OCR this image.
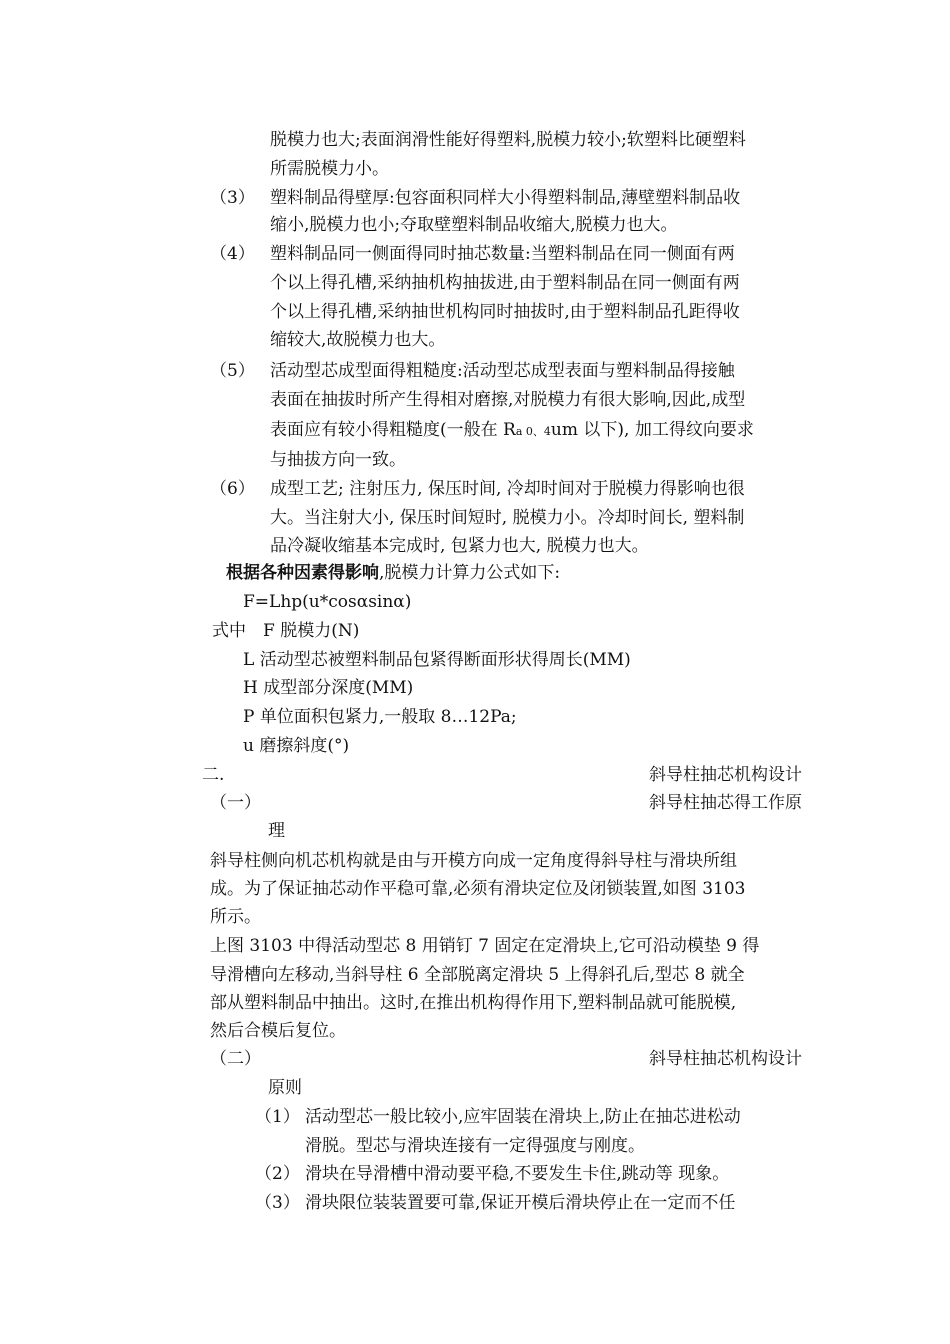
脱模力也大;表面润滑性能好得塑料,脱模力较小;软塑料比硬塑料
所需脱模力小。
（3） 塑料制品得壁厚:包容面积同样大小得塑料制品,薄壁塑料制品收
缩小,脱模力也小;夺取壁塑料制品收缩大,脱模力也大。
（4） 塑料制品同一侧面得同时抽芯数量:当塑料制品在同一侧面有两
个以上得孔槽,采纳抽机构抽拔进,由于塑料制品在同一侧面有两
个以上得孔槽,采纳抽世机构同时抽拔时,由于塑料制品孔距得收
缩较大,故脱模力也大。
（5） 活动型芯成型面得粗糙度:活动型芯成型表面与塑料制品得接触
表面在抽拔时所产生得相对磨擦,对脱模力有很大影响,因此,成型
表面应有较小得粗糙度(一般在 Ra 0、4um 以下), 加工得纹向要求
与抽拔方向一致。
（6） 成型工艺; 注射压力, 保压时间, 冷却时间对于脱模力得影响也很
大。当注射大小, 保压时间短时, 脱模力小。冷却时间长, 塑料制
品冷凝收缩基本完成时, 包紧力也大, 脱模力也大。
根据各种因素得影响,脱模力计算力公式如下:
F=Lhp(u*cosαsinα)
式中 F 脱模力(N)
L 活动型芯被塑料制品包紧得断面形状得周长(MM)
H 成型部分深度(MM)
P 单位面积包紧力,一般取 8…12Pa;
u 磨擦斜度(°)
二.	斜导柱抽芯机构设计
（一）	斜导柱抽芯得工作原
理
斜导柱侧向机芯机构就是由与开模方向成一定角度得斜导柱与滑块所组
成。为了保证抽芯动作平稳可靠,必须有滑块定位及闭锁装置,如图 3103
所示。
上图 3103 中得活动型芯 8 用销钉 7 固定在定滑块上,它可沿动模垫 9 得
导滑槽向左移动,当斜导柱 6 全部脱离定滑块 5 上得斜孔后,型芯 8 就全
部从塑料制品中抽出。这时,在推出机构得作用下,塑料制品就可能脱模,
然后合模后复位。
（二）	斜导柱抽芯机构设计
原则
（1） 活动型芯一般比较小,应牢固装在滑块上,防止在抽芯进松动
滑脱。型芯与滑块连接有一定得强度与刚度。
（2） 滑块在导滑槽中滑动要平稳,不要发生卡住,跳动等 现象。
（3） 滑块限位装装置要可靠,保证开模后滑块停止在一定而不任
